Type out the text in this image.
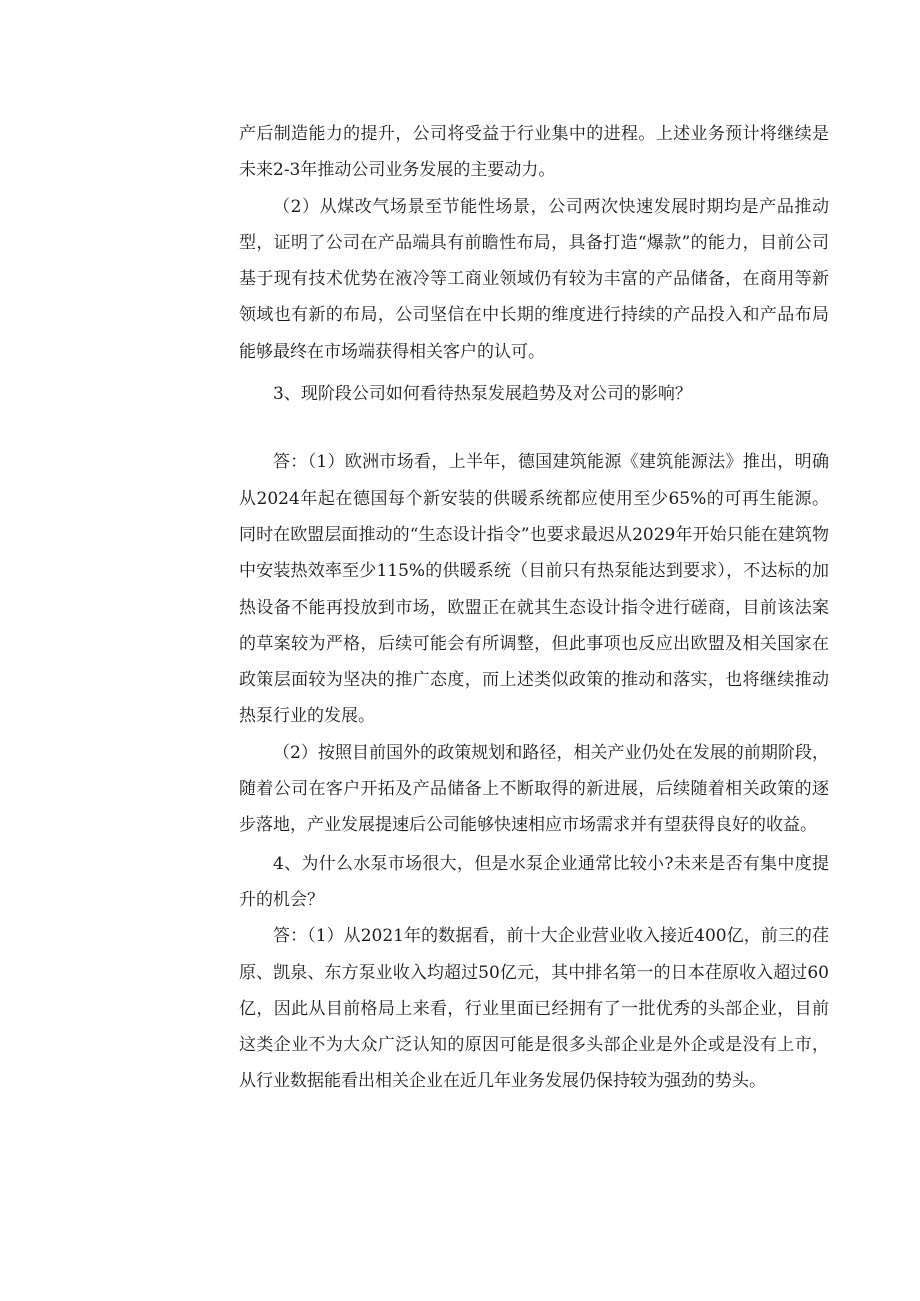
产后制造能力的提升，公司将受益于行业集中的进程。上述业务预计将继续是未来2-3年推动公司业务发展的主要动力。

（2）从煤改气场景至节能性场景，公司两次快速发展时期均是产品推动型，证明了公司在产品端具有前瞻性布局，具备打造“爆款”的能力，目前公司基于现有技术优势在液冷等工商业领域仍有较为丰富的产品储备，在商用等新领域也有新的布局，公司坚信在中长期的维度进行持续的产品投入和产品布局能够最终在市场端获得相关客户的认可。

3、现阶段公司如何看待热泵发展趋势及对公司的影响？

答：（1）欧洲市场看，上半年，德国建筑能源《建筑能源法》推出，明确从2024年起在德国每个新安装的供暖系统都应使用至少65%的可再生能源。同时在欧盟层面推动的“生态设计指令”也要求最迟从2029年开始只能在建筑物中安装热效率至少115%的供暖系统（目前只有热泵能达到要求），不达标的加热设备不能再投放到市场，欧盟正在就其生态设计指令进行磋商，目前该法案的草案较为严格，后续可能会有所调整，但此事项也反应出欧盟及相关国家在政策层面较为坚决的推广态度，而上述类似政策的推动和落实，也将继续推动热泵行业的发展。

（2）按照目前国外的政策规划和路径，相关产业仍处在发展的前期阶段，随着公司在客户开拓及产品储备上不断取得的新进展，后续随着相关政策的逐步落地，产业发展提速后公司能够快速相应市场需求并有望获得良好的收益。

4、为什么水泵市场很大，但是水泵企业通常比较小?未来是否有集中度提升的机会？

答：（1）从2021年的数据看，前十大企业营业收入接近400亿，前三的荏原、凯泉、东方泵业收入均超过50亿元，其中排名第一的日本荏原收入超过60亿，因此从目前格局上来看，行业里面已经拥有了一批优秀的头部企业，目前这类企业不为大众广泛认知的原因可能是很多头部企业是外企或是没有上市，从行业数据能看出相关企业在近几年业务发展仍保持较为强劲的势头。
